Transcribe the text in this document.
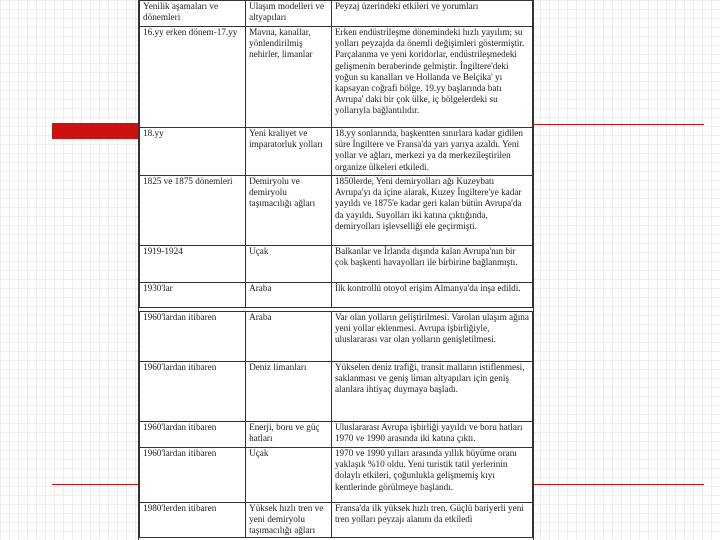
Yenilik aşamaları ve dönemleri	Ulaşım modelleri ve altyapıları	Peyzaj üzerindeki etkileri ve yorumları
16.yy erken dönem-17.yy	Mavna, kanallar, yönlendirilmiş nehirler, limanlar	Erken endüstrileşme dönemindeki hızlı yayılım; su yolları peyzajda da önemli değişimleri göstermiştir. Parçalanma ve yeni koridorlar, endüstrileşmedeki gelişmenin beraberinde gelmiştir. İngiltere'deki yoğun su kanalları ve Hollanda ve Belçika' yı kapsayan coğrafi bölge. 19.yy başlarında batı Avrupa' daki bir çok ülke, iç bölgelerdeki su yollarıyla bağlantılıdır.
18.yy	Yeni kraliyet ve imparatorluk yolları	18.yy sonlarında, başkentten sınırlara kadar gidilen süre İngiltere ve Fransa'da yarı yarıya azaldı. Yeni yollar ve ağları, merkezi ya da merkezileştirilen organize ülkeleri etkiledi.
1825 ve 1875 dönemleri	Demiryolu ve demiryolu taşımacılığı ağları	1850lerde, Yeni demiryolları ağı Kuzeybatı Avrupa'yı da içine alarak, Kuzey İngiltere'ye kadar yayıldı ve 1875'e kadar geri kalan bütün Avrupa'da da yayıldı. Suyolları iki katına çıktığında, demiryolları işlevselliği ele geçirmişti.
1919-1924	Uçak	Balkanlar ve İrlanda dışında kalan Avrupa'nın bir çok başkenti havayolları ile birbirine bağlanmıştı.
1930'lar	Araba	İlk kontrollü otoyol erişim Almanya'da inşa edildi.

1960'lardan itibaren	Araba	Var olan yolların geliştirilmesi. Varolan ulaşım ağına yeni yollar eklenmesi. Avrupa işbirliğiyle, uluslararası var olan yolların genişletilmesi.
1960'lardan itibaren	Deniz limanları	Yükselen deniz trafiği, transit malların istiflenmesi, saklanması ve geniş liman altyapıları için geniş alanlara ihtiyaç duymaya başladı.
1960'lardan itibaren	Enerji, boru ve güç hatları	Uluslararası Avrupa işbirliği yayıldı ve boru hatları 1970 ve 1990 arasında iki katına çıktı.
1960'lardan itibaren	Uçak	1970 ve 1990 yılları arasında yıllık büyüme oranı yaklaşık %10 oldu. Yeni turistik tatil yerlerinin dolaylı etkileri, çoğunlukla gelişmemiş kıyı kentlerinde görülmeye başlandı.
1980'lerden itibaren	Yüksek hızlı tren ve yeni demiryolu taşımacılığı ağları	Fransa'da ilk yüksek hızlı tren. Güçlü bariyerli yeni tren yolları peyzajı alanını da etkiledi
